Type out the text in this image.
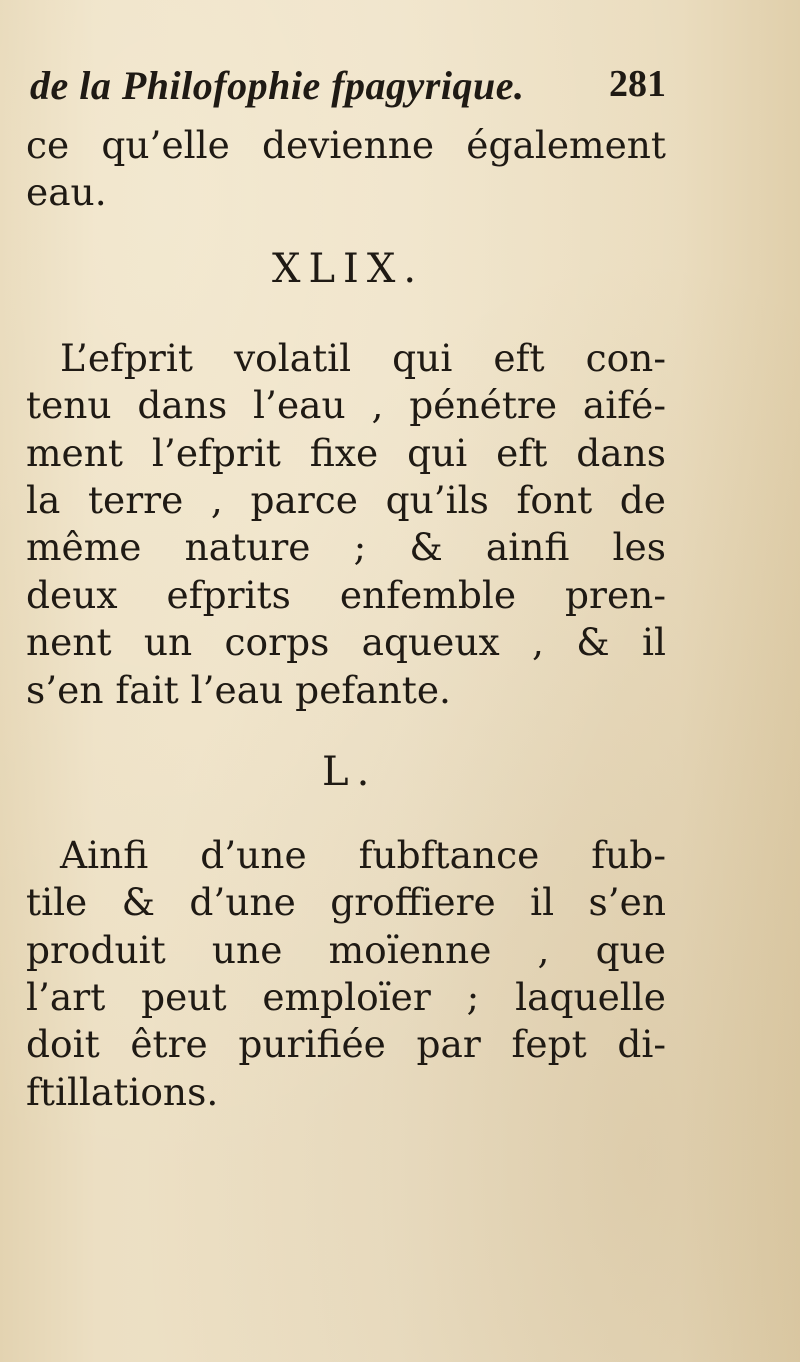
de la Philofophie fpagyrique. 281
ce qu’elle devienne également
eau.
XLIX.
L’efprit volatil qui eft con-
tenu dans l’eau , pénétre aifé-
ment l’efprit fixe qui eft dans
la terre , parce qu’ils font de
même nature ; & ainfi les
deux efprits enfemble pren-
nent un corps aqueux , & il
s’en fait l’eau pefante.
L.
Ainfi d’une fubftance fub-
tile & d’une groffiere il s’en
produit une moïenne , que
l’art peut emploïer ; laquelle
doit être purifiée par fept di-
ftillations.
